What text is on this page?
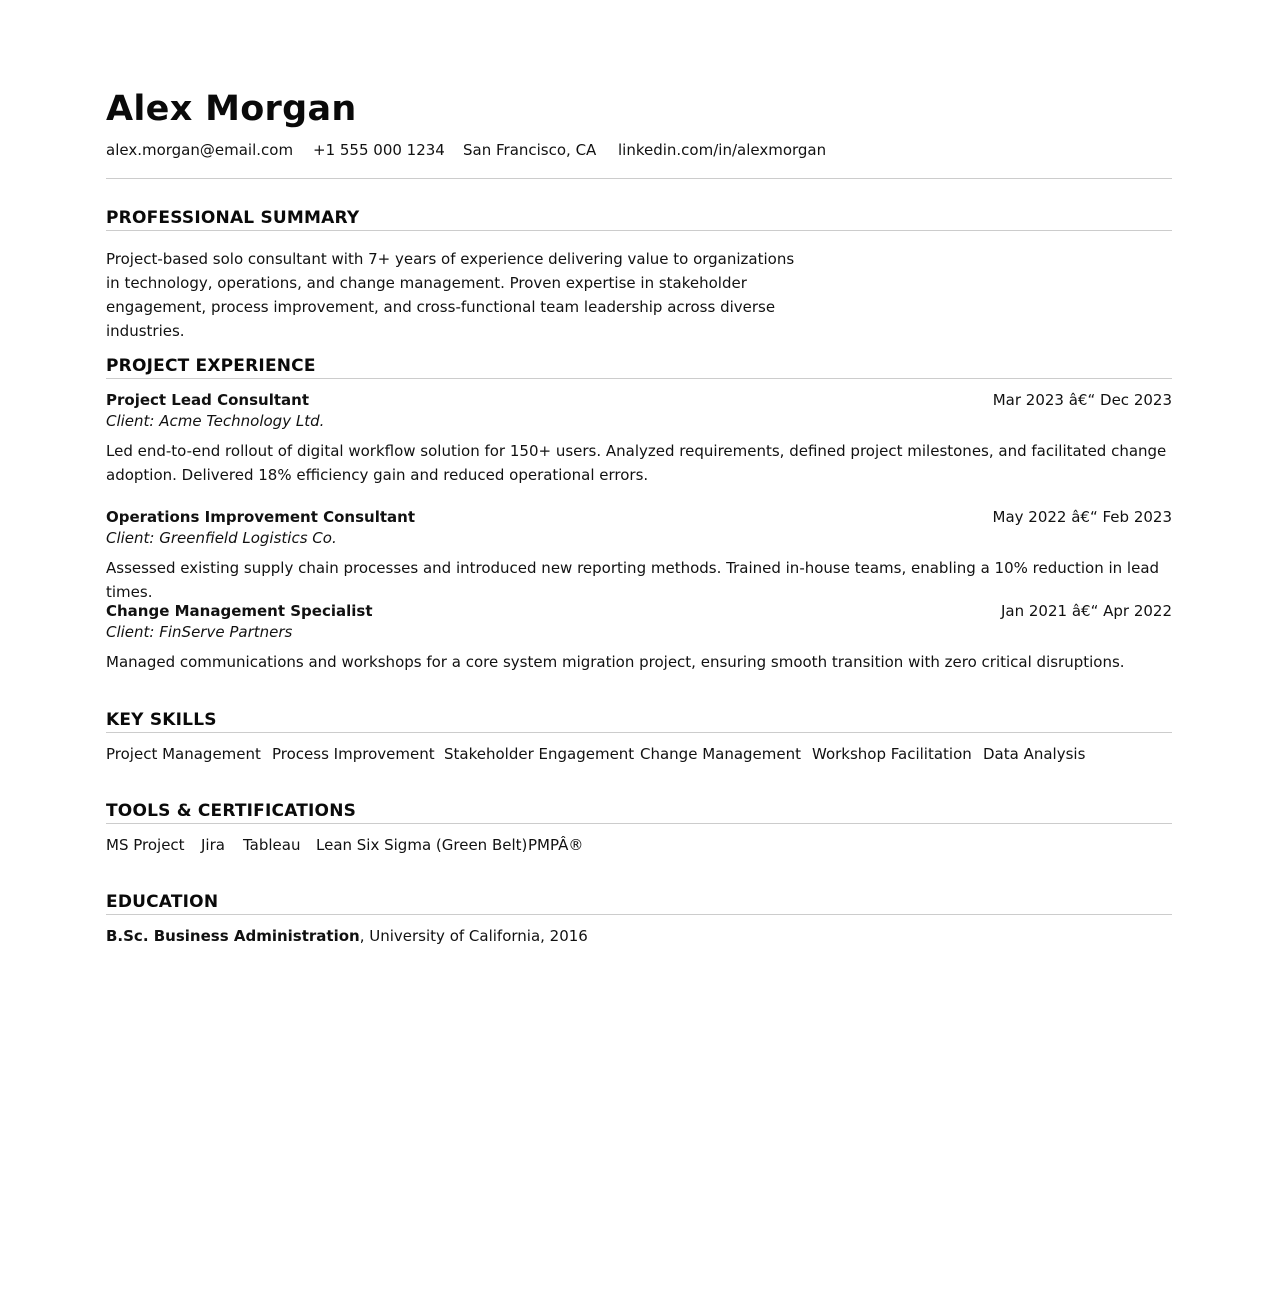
Alex Morgan
alex.morgan@email.com	+1 555 000 1234	San Francisco, CA	linkedin.com/in/alexmorgan
PROFESSIONAL SUMMARY

Project-based solo consultant with 7+ years of experience delivering value to organizations in technology, operations, and change management. Proven expertise in stakeholder engagement, process improvement, and cross-functional team leadership across diverse industries.

PROJECT EXPERIENCE
Project Lead Consultant	Mar 2023 â€“ Dec 2023
Client: Acme Technology Ltd.

Led end-to-end rollout of digital workflow solution for 150+ users. Analyzed requirements, defined project milestones, and facilitated change adoption. Delivered 18% efficiency gain and reduced operational errors.

Operations Improvement Consultant	May 2022 â€“ Feb 2023
Client: Greenfield Logistics Co.

Assessed existing supply chain processes and introduced new reporting methods. Trained in-house teams, enabling a 10% reduction in lead times.

Change Management Specialist	Jan 2021 â€“ Apr 2022
Client: FinServe Partners

Managed communications and workshops for a core system migration project, ensuring smooth transition with zero critical disruptions.

KEY SKILLS
Project Management Process Improvement Stakeholder Engagement Change Management Workshop Facilitation Data Analysis
TOOLS & CERTIFICATIONS
MS Project	Jira	Tableau	Lean Six Sigma (Green Belt) PMPÂ®
EDUCATION
B.Sc. Business Administration, University of California, 2016
